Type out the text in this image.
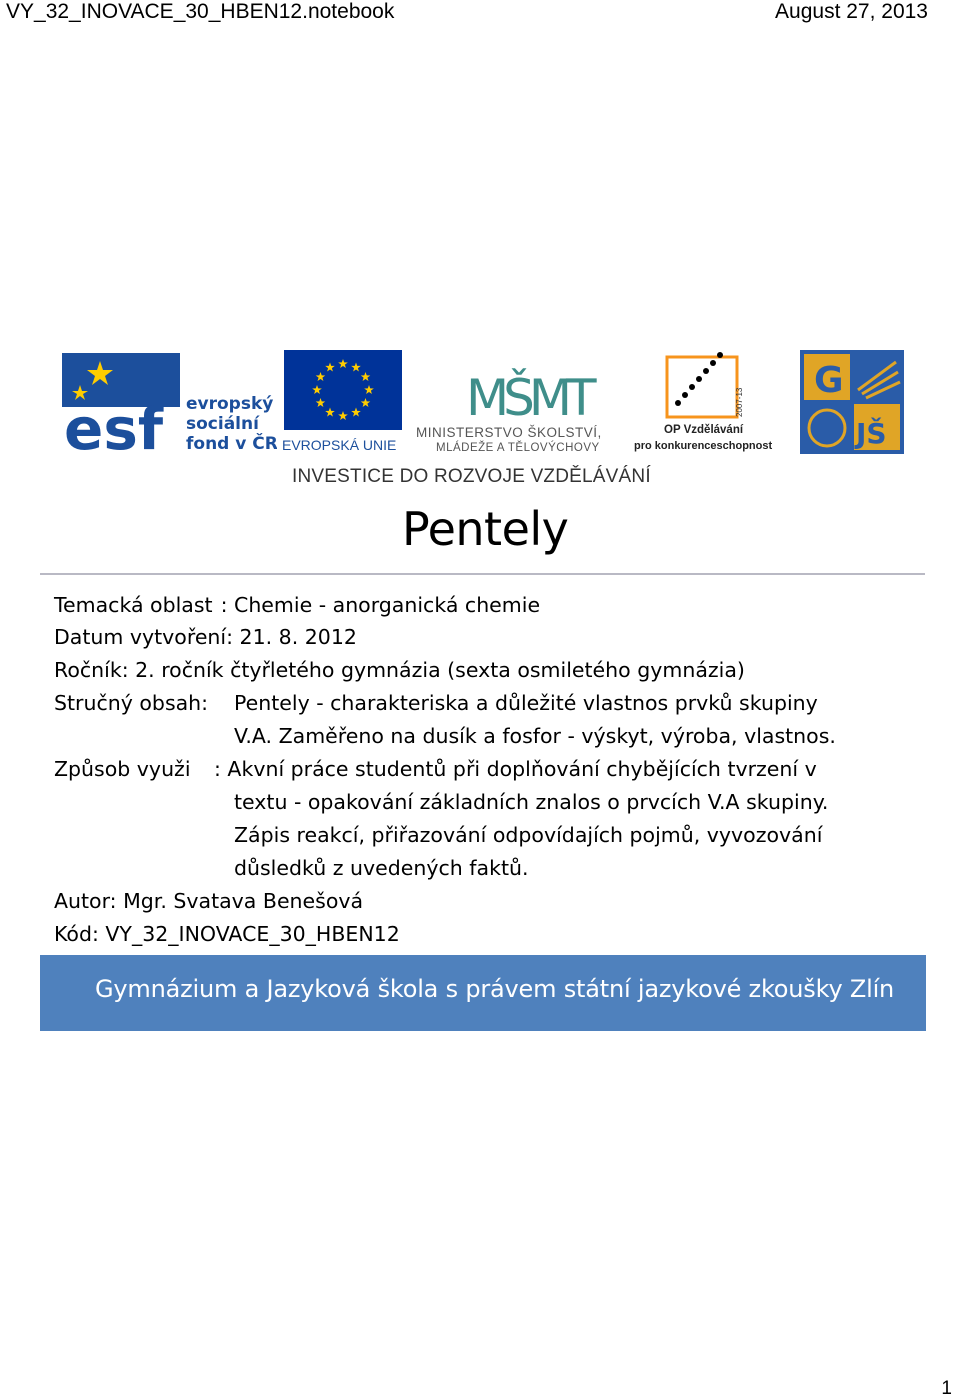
VY_32_INOVACE_30_HBEN12.notebook	August 27, 2013
esf evropský
sociální
fond v ČR EVROPSKÁ UNIE
MŠMT
MINISTERSTVO ŠKOLSTVÍ,
MLÁDEŽE A TĚLOVÝCHOVY
2007-13
OP Vzdělávání
pro konkurenceschopnost
G
JŠ
INVESTICE DO ROZVOJE VZDĚLÁVÁNÍ
Pentely
Temacká oblast : Chemie - anorganická chemie
Datum vytvoření: 21. 8. 2012
Ročník: 2. ročník čtyřletého gymnázia (sexta osmiletého gymnázia)
Stručný obsah: Pentely - charakteriska a důležité vlastnos prvků skupiny
V.A. Zaměřeno na dusík a fosfor - výskyt, výroba, vlastnos.
Způsob využi : Akvní práce studentů při doplňování chybějících tvrzení v
textu - opakování základních znalos o prvcích V.A skupiny.
Zápis reakcí, přiřazování odpovídajích pojmů, vyvozování
důsledků z uvedených faktů.
Autor: Mgr. Svatava Benešová
Kód: VY_32_INOVACE_30_HBEN12
Gymnázium a Jazyková škola s právem státní jazykové zkoušky Zlín
1
